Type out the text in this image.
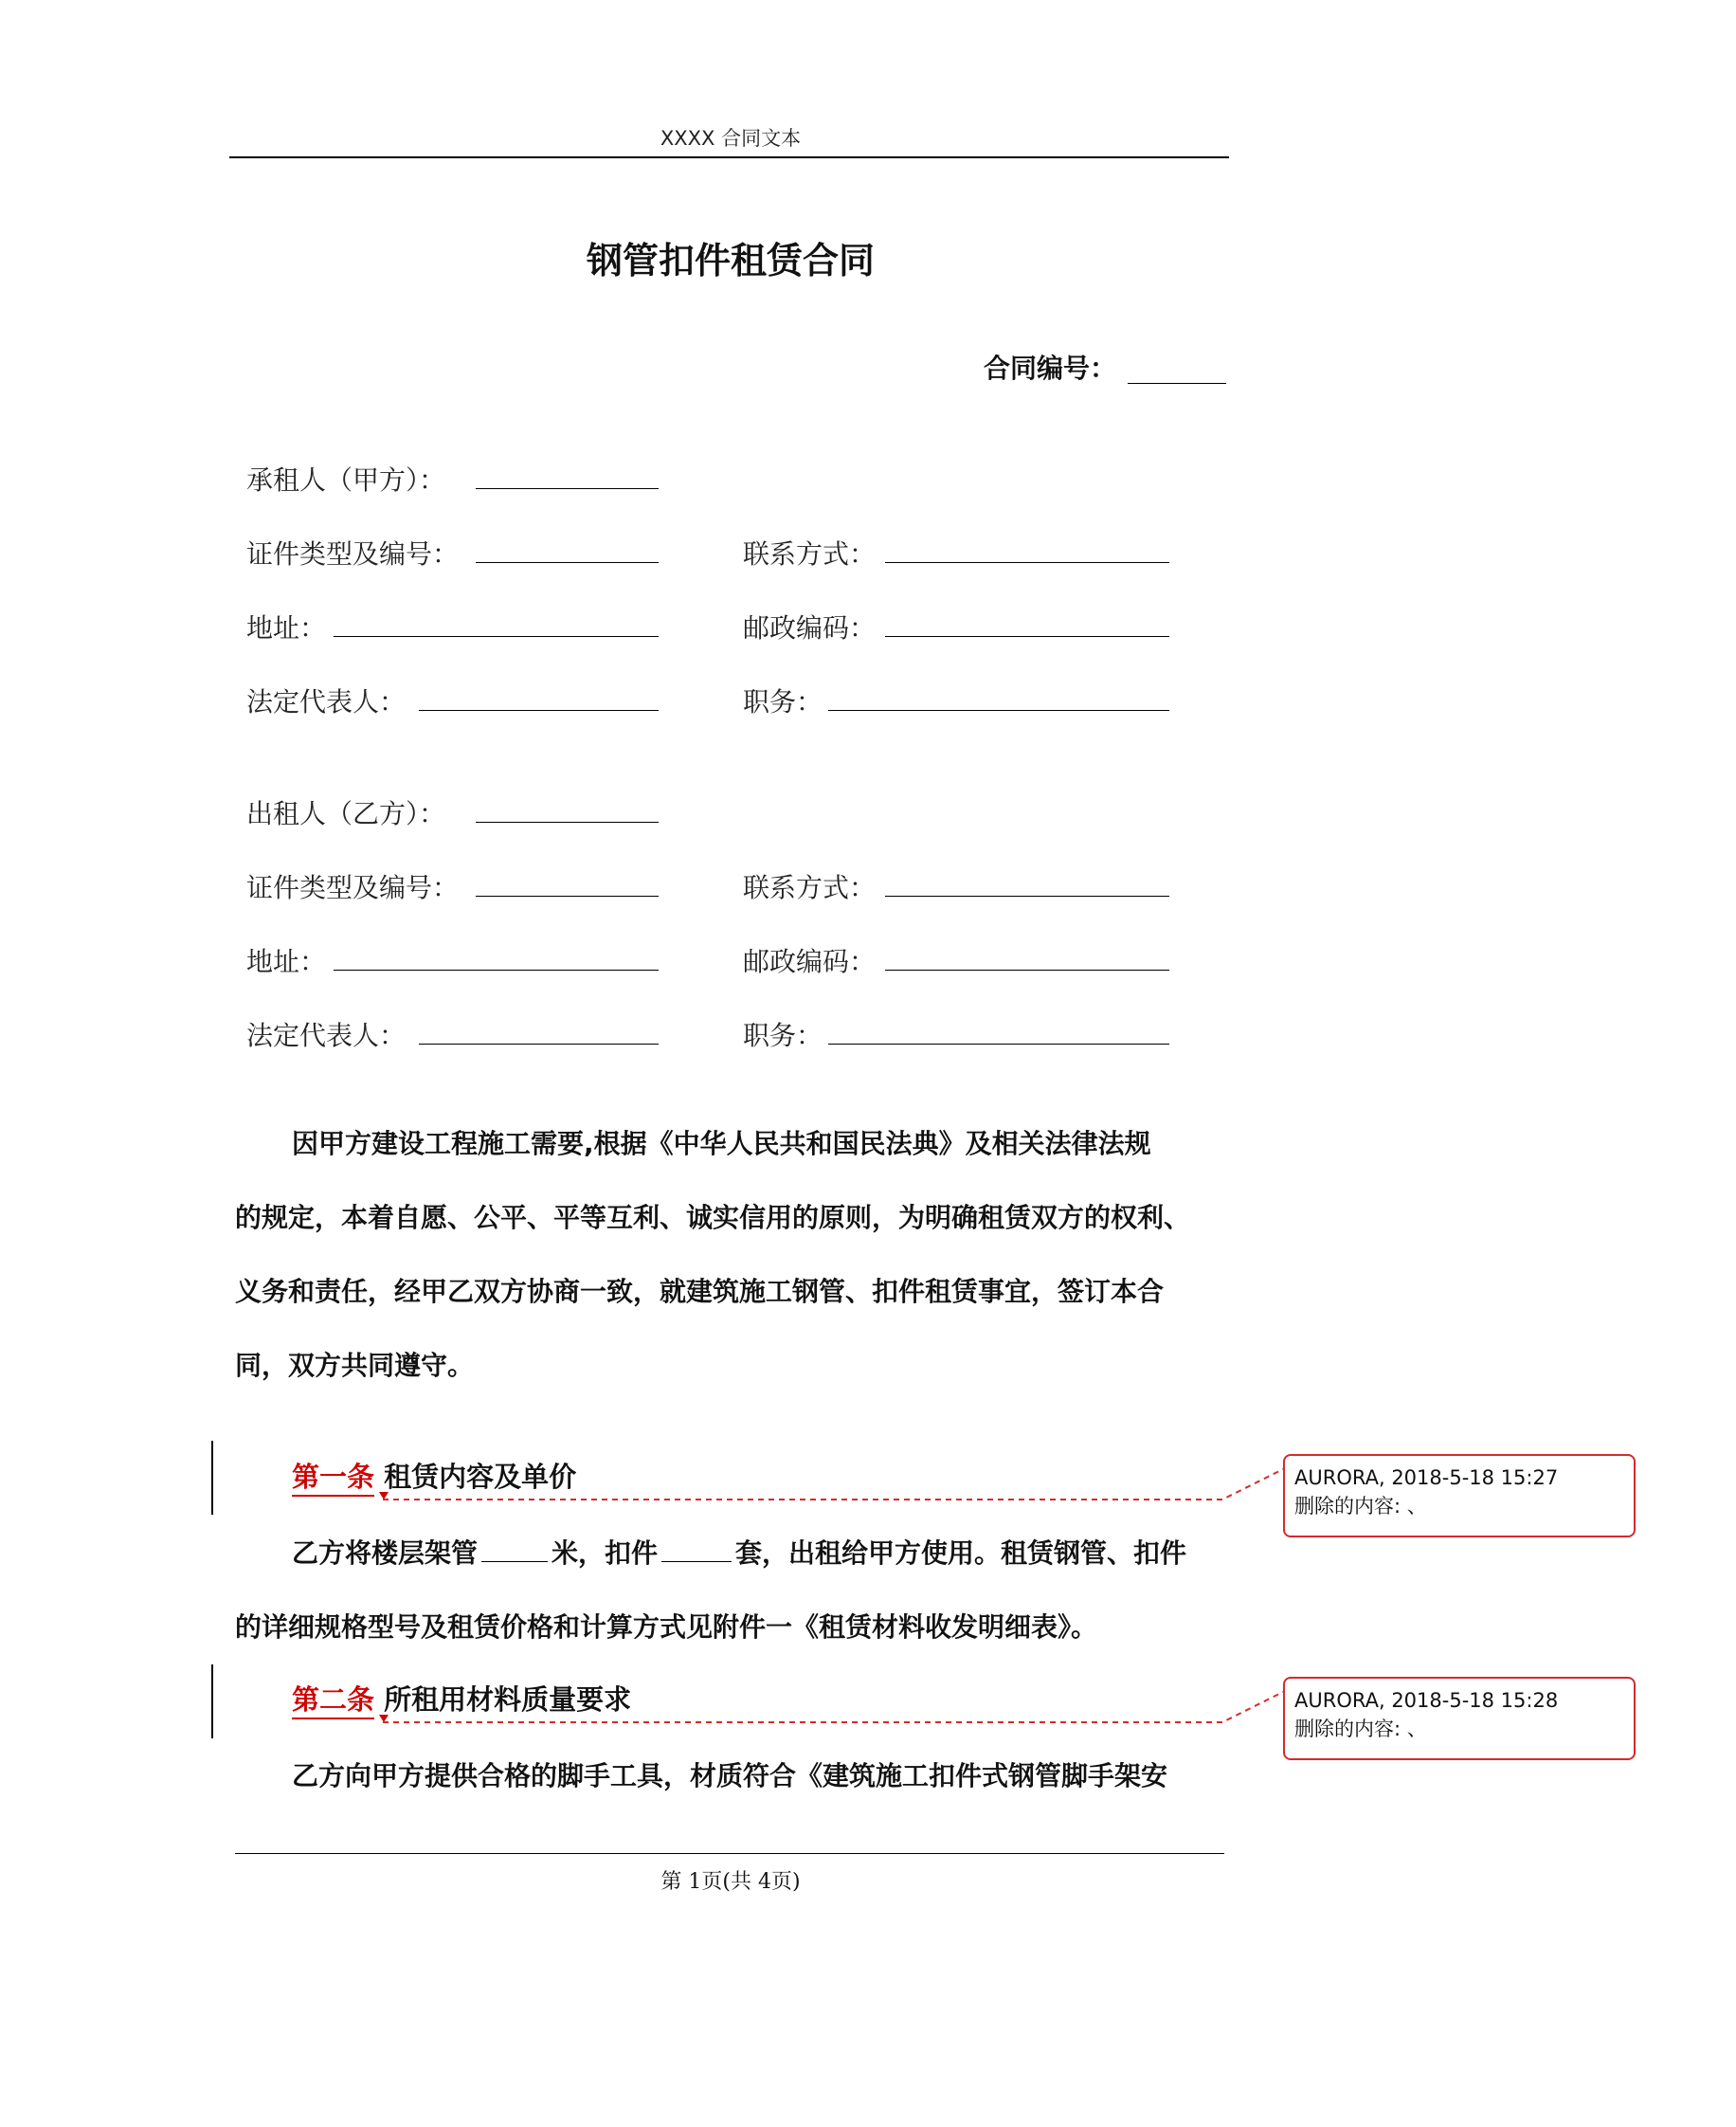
XXXX 合同文本
钢管扣件租赁合同
合同编号：
承租人（甲方）：
证件类型及编号：	联系方式：
地址：	邮政编码：
法定代表人：	职务：
出租人（乙方）：
证件类型及编号：	联系方式：
地址：	邮政编码：
法定代表人：	职务：
因甲方建设工程施工需要,根据《中华人民共和国民法典》及相关法律法规
的规定，本着自愿、公平、平等互利、诚实信用的原则，为明确租赁双方的权利、
义务和责任，经甲乙双方协商一致，就建筑施工钢管、扣件租赁事宜，签订本合
同，双方共同遵守。
第一条 租赁内容及单价
乙方将楼层架管	米，扣件	套，出租给甲方使用。租赁钢管、扣件
的详细规格型号及租赁价格和计算方式见附件一《租赁材料收发明细表》。
第二条 所租用材料质量要求
乙方向甲方提供合格的脚手工具，材质符合《建筑施工扣件式钢管脚手架安
AURORA, 2018-5-18 15:27
删除的内容: 、
AURORA, 2018-5-18 15:28
删除的内容: 、
第 1页(共 4页)
